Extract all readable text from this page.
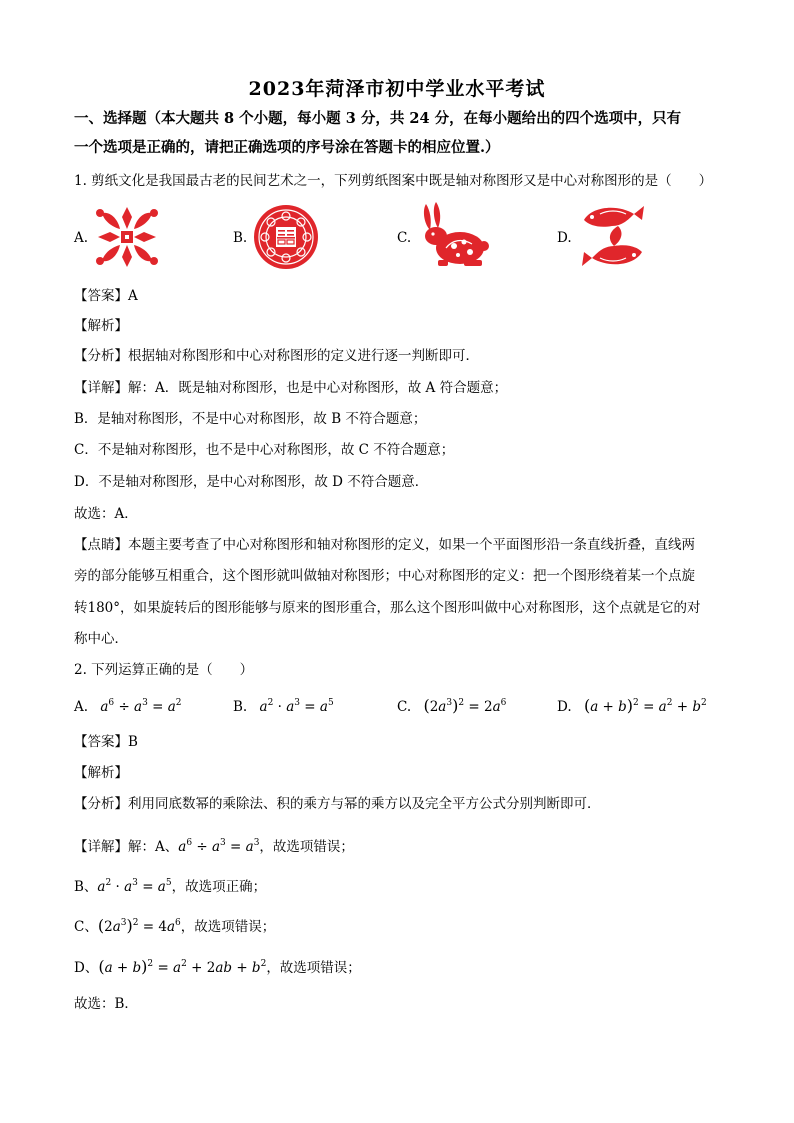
2023年菏泽市初中学业水平考试
一、选择题（本大题共 8 个小题，每小题 3 分，共 24 分，在每小题给出的四个选项中，只有
一个选项是正确的，请把正确选项的序号涂在答题卡的相应位置.）
1. 剪纸文化是我国最古老的民间艺术之一，下列剪纸图案中既是轴对称图形又是中心对称图形的是（　　）
A.	B.	C.	D.
【答案】A
【解析】
【分析】根据轴对称图形和中心对称图形的定义进行逐一判断即可．
【详解】解：A．既是轴对称图形，也是中心对称图形，故 A 符合题意；
B．是轴对称图形，不是中心对称图形，故 B 不符合题意；
C．不是轴对称图形，也不是中心对称图形，故 C 不符合题意；
D．不是轴对称图形，是中心对称图形，故 D 不符合题意．
故选：A．
【点睛】本题主要考查了中心对称图形和轴对称图形的定义，如果一个平面图形沿一条直线折叠，直线两
旁的部分能够互相重合，这个图形就叫做轴对称图形；中心对称图形的定义：把一个图形绕着某一个点旋
转180°，如果旋转后的图形能够与原来的图形重合，那么这个图形叫做中心对称图形，这个点就是它的对
称中心．
2. 下列运算正确的是（　　）
A. $a^6 \div a^3 = a^2$	B. $a^2 \cdot a^3 = a^5$	C. $(2a^3)^2 = 2a^6$	D. $(a + b)^2 = a^2 + b^2$
【答案】B
【解析】
【分析】利用同底数幂的乘除法、积的乘方与幂的乘方以及完全平方公式分别判断即可．
【详解】解：A、$a^6 \div a^3 = a^3$，故选项错误；
B、$a^2 \cdot a^3 = a^5$，故选项正确；
C、$(2a^3)^2 = 4a^6$，故选项错误；
D、$(a + b)^2 = a^2 + 2ab + b^2$，故选项错误；
故选：B．
